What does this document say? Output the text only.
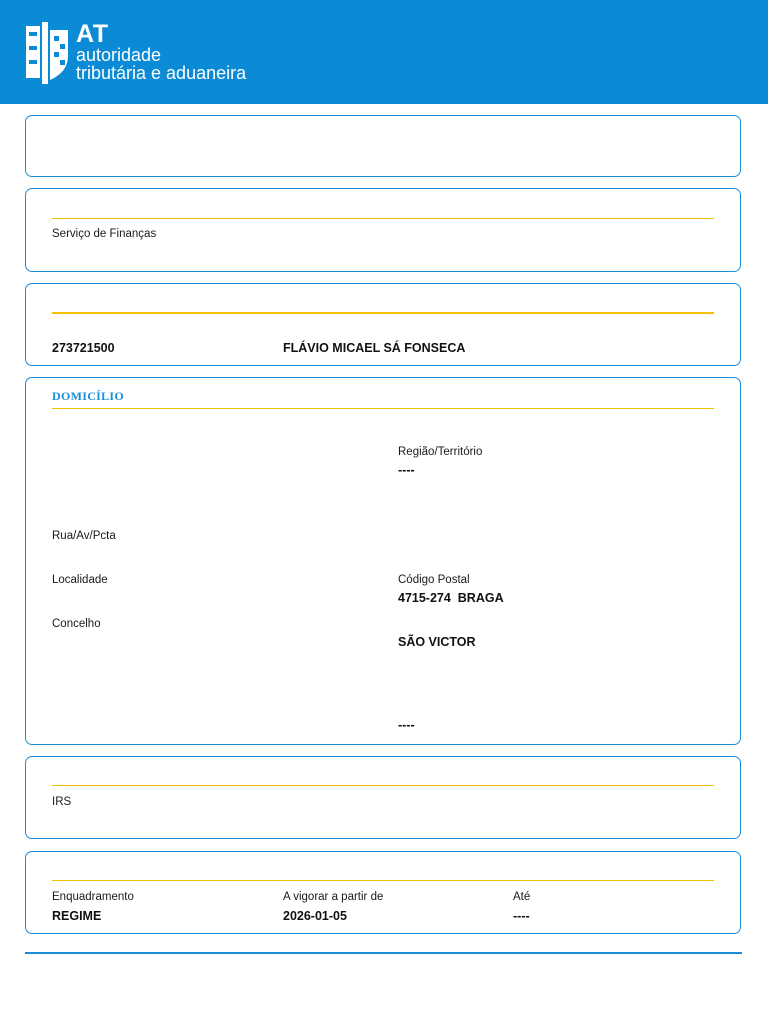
AT
autoridade
tributária e aduaneira
Serviço de Finanças
273721500	FLÁVIO MICAEL SÁ FONSECA
DOMICÍLIO
Região/Território
----
Rua/Av/Pcta
Localidade	Código Postal
4715-274  BRAGA
Concelho
SÃO VICTOR
----
IRS
Enquadramento
REGIME
A vigorar a partir de
2026-01-05
Até
----
